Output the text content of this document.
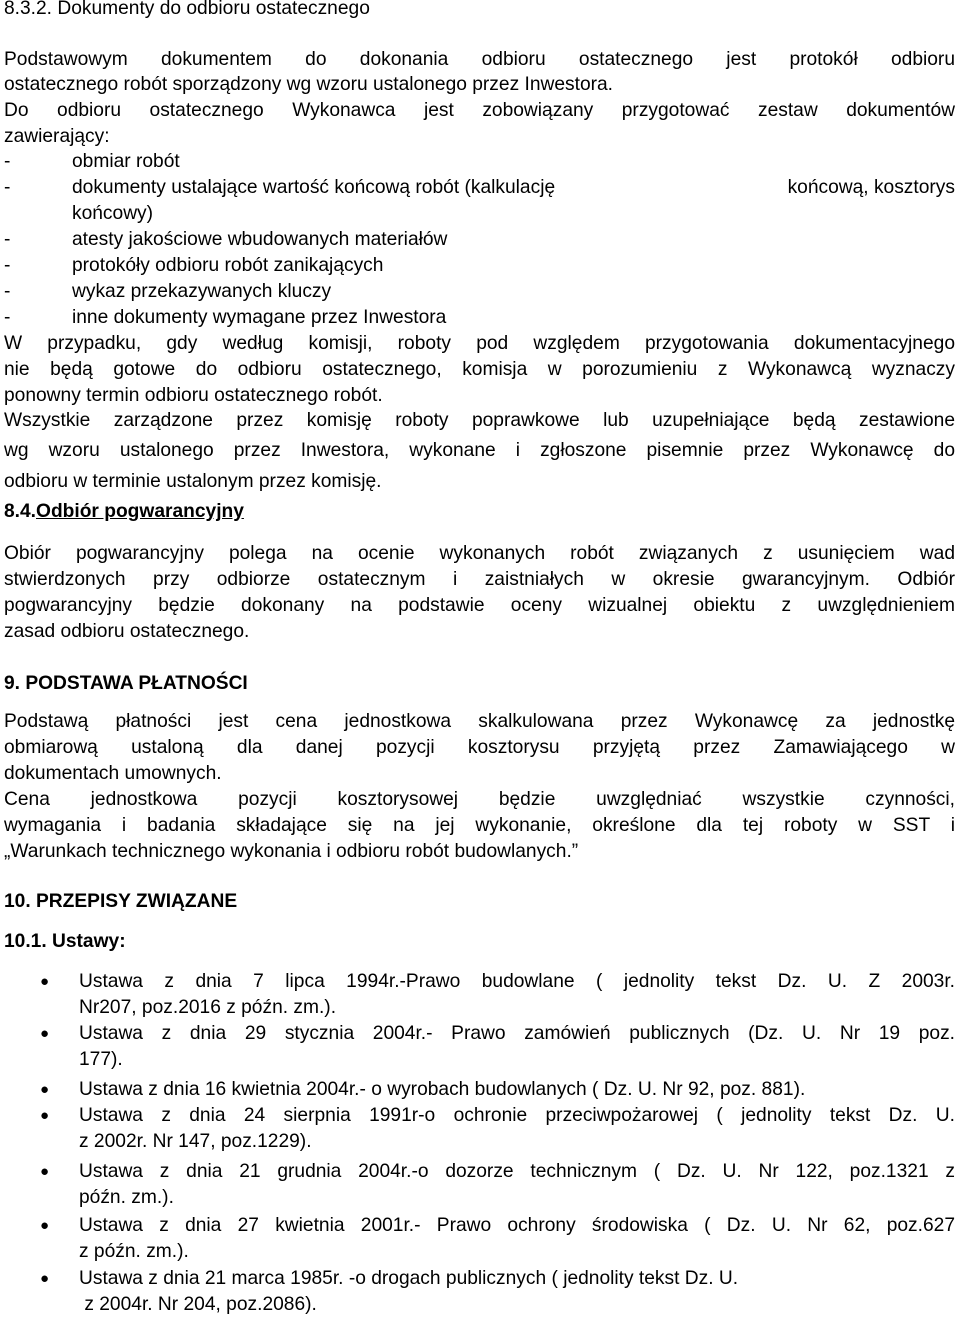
8.3.2. Dokumenty do odbioru ostatecznego
Podstawowym dokumentem do dokonania odbioru ostatecznego jest protokół odbioru
ostatecznego robót sporządzony wg wzoru ustalonego przez Inwestora.
Do odbioru ostatecznego Wykonawca jest zobowiązany przygotować zestaw dokumentów
zawierający:
-	obmiar robót
-	dokumenty ustalające wartość końcową robót (kalkulację	końcową, kosztorys
końcowy)
-	atesty jakościowe wbudowanych materiałów
-	protokóły odbioru robót zanikających
-	wykaz przekazywanych kluczy
-	inne dokumenty wymagane przez Inwestora
W przypadku, gdy według komisji, roboty pod względem przygotowania dokumentacyjnego
nie będą gotowe do odbioru ostatecznego, komisja w porozumieniu z Wykonawcą wyznaczy
ponowny termin odbioru ostatecznego robót.
Wszystkie zarządzone przez komisję roboty poprawkowe lub uzupełniające będą zestawione
wg wzoru ustalonego przez Inwestora, wykonane i zgłoszone pisemnie przez Wykonawcę do
odbioru w terminie ustalonym przez komisję.
8.4.Odbiór pogwarancyjny
Obiór pogwarancyjny polega na ocenie wykonanych robót związanych z usunięciem wad
stwierdzonych przy odbiorze ostatecznym i zaistniałych w okresie gwarancyjnym. Odbiór
pogwarancyjny będzie dokonany na podstawie oceny wizualnej obiektu z uwzględnieniem
zasad odbioru ostatecznego.
9. PODSTAWA PŁATNOŚCI
Podstawą płatności jest cena jednostkowa skalkulowana przez Wykonawcę za jednostkę
obmiarową ustaloną dla danej pozycji kosztorysu przyjętą przez Zamawiającego w
dokumentach umownych.
Cena jednostkowa pozycji kosztorysowej będzie uwzględniać wszystkie czynności,
wymagania i badania składające się na jej wykonanie, określone dla tej roboty w SST i
„Warunkach technicznego wykonania i odbioru robót budowlanych.”
10. PRZEPISY ZWIĄZANE
10.1. Ustawy:
● Ustawa z dnia 7 lipca 1994r.-Prawo budowlane ( jednolity tekst Dz. U. Z 2003r.
Nr207, poz.2016 z późn. zm.).
● Ustawa z dnia 29 stycznia 2004r.- Prawo zamówień publicznych (Dz. U. Nr 19 poz.
177).
● Ustawa z dnia 16 kwietnia 2004r.- o wyrobach budowlanych ( Dz. U. Nr 92, poz. 881).
● Ustawa z dnia 24 sierpnia 1991r-o ochronie przeciwpożarowej ( jednolity tekst Dz. U.
z 2002r. Nr 147, poz.1229).
● Ustawa z dnia 21 grudnia 2004r.-o dozorze technicznym ( Dz. U. Nr 122, poz.1321 z
późn. zm.).
● Ustawa z dnia 27 kwietnia 2001r.- Prawo ochrony środowiska ( Dz. U. Nr 62, poz.627
z późn. zm.).
● Ustawa z dnia 21 marca 1985r. -o drogach publicznych ( jednolity tekst Dz. U.
z 2004r. Nr 204, poz.2086).
